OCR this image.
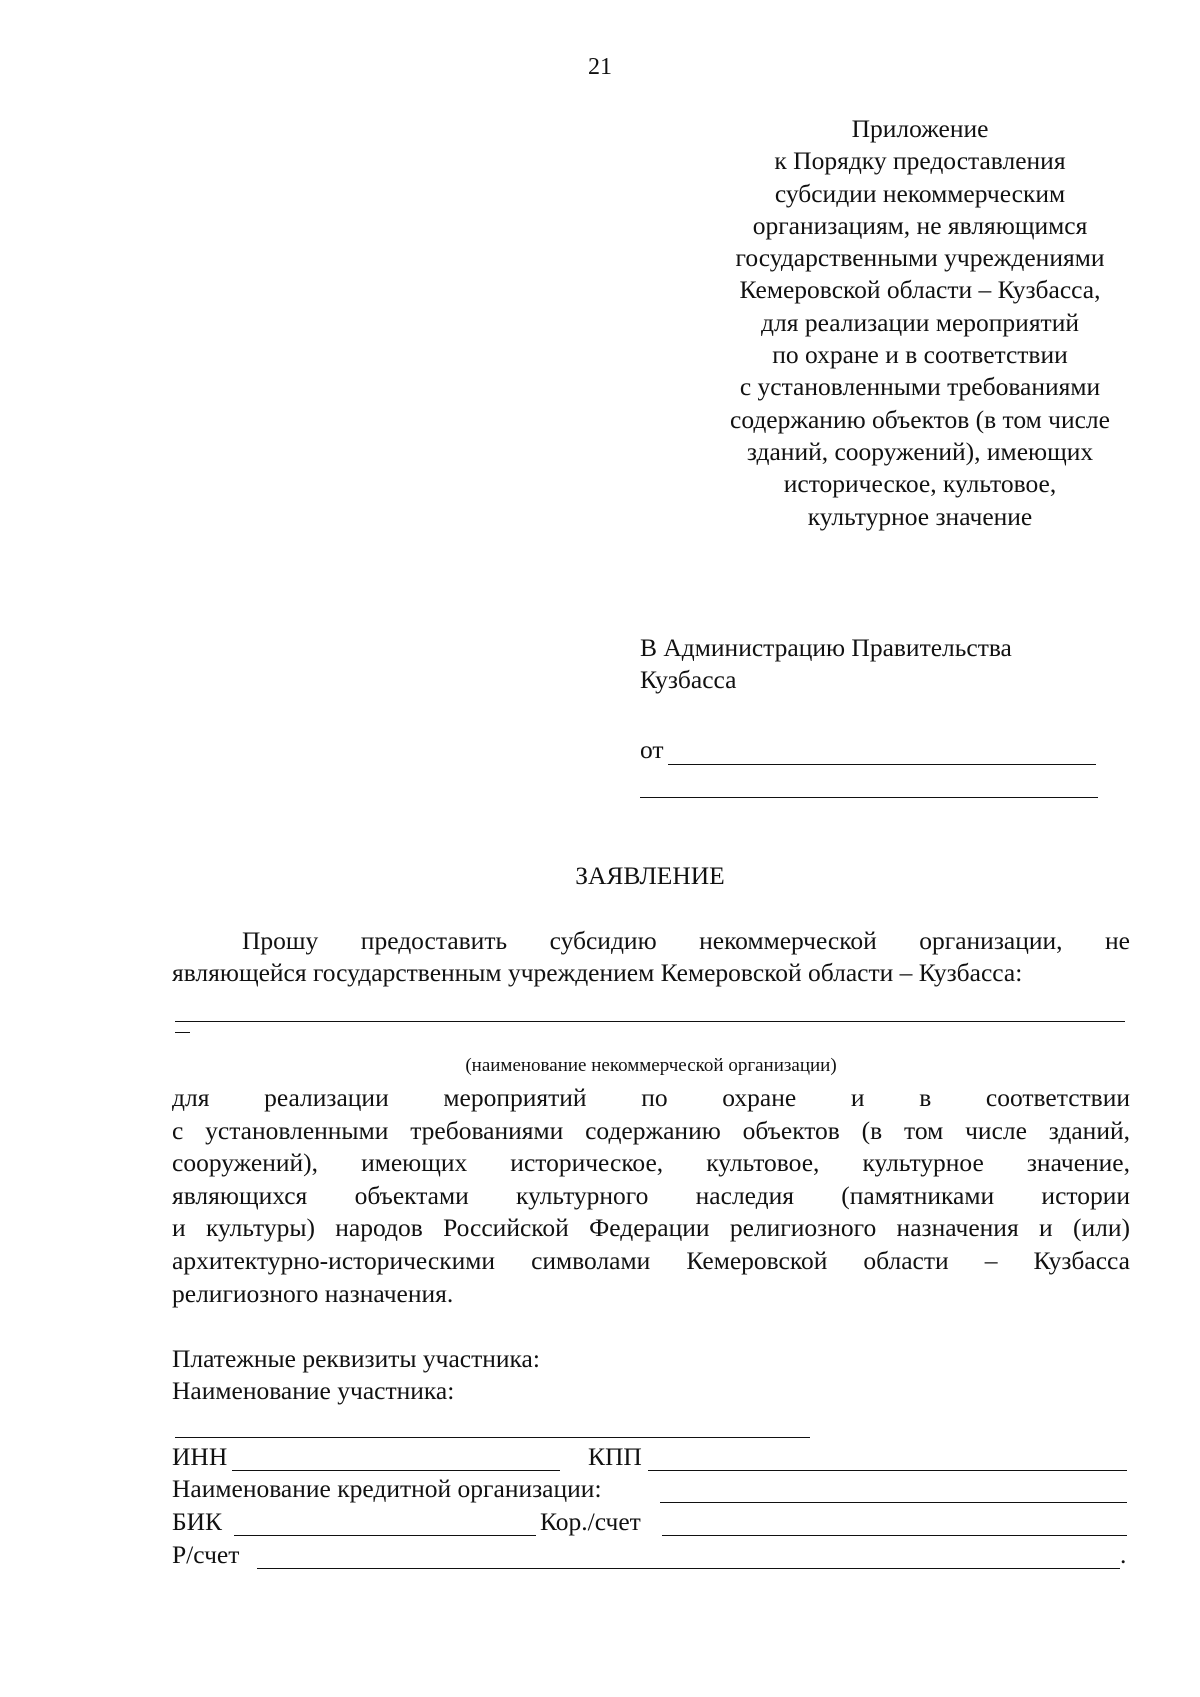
21
Приложение
к Порядку предоставления
субсидии некоммерческим
организациям, не являющимся
государственными учреждениями
Кемеровской области – Кузбасса,
для реализации мероприятий
по охране и в соответствии
с установленными требованиями
содержанию объектов (в том числе
зданий, сооружений), имеющих
историческое, культовое,
культурное значение
В Администрацию Правительства
Кузбасса
от
ЗАЯВЛЕНИЕ
Прошу предоставить субсидию некоммерческой организации, не
являющейся государственным учреждением Кемеровской области – Кузбасса:
(наименование некоммерческой организации)
для реализации мероприятий по охране и в соответствии
с установленными требованиями содержанию объектов (в том числе зданий,
сооружений), имеющих историческое, культовое, культурное значение,
являющихся объектами культурного наследия (памятниками истории
и культуры) народов Российской Федерации религиозного назначения и (или)
архитектурно-историческими символами Кемеровской области – Кузбасса
религиозного назначения.
Платежные реквизиты участника:
Наименование участника:
ИНН	КПП
Наименование кредитной организации:
БИК	Кор./счет
Р/счет	.
